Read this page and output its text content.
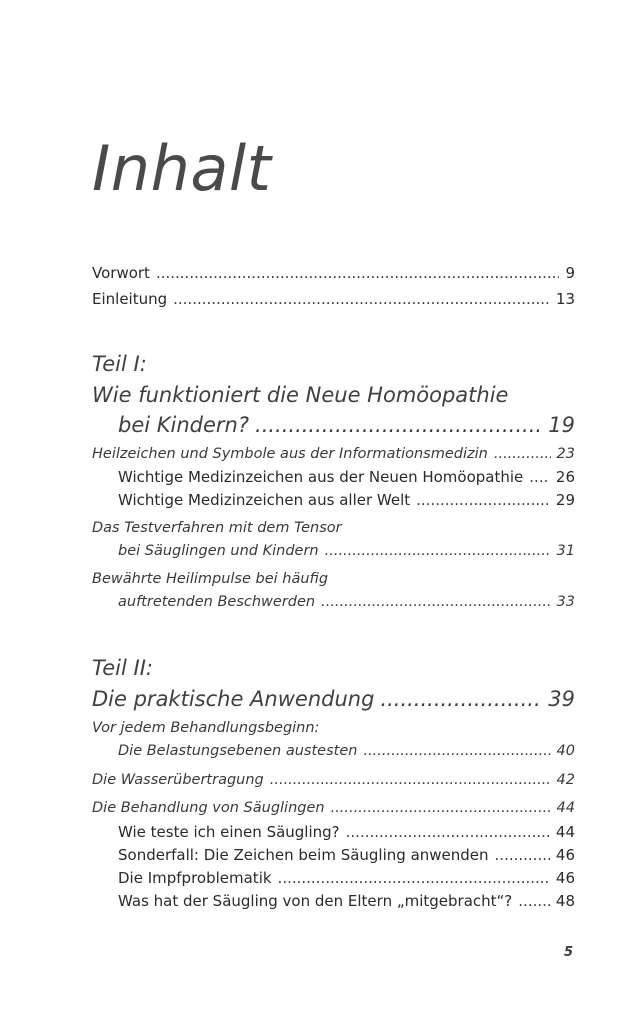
Inhalt
Vorwort .....	9
Einleitung .....	13
Teil I:
Wie funktioniert die Neue Homöopathie
bei Kindern? .....	19
Heilzeichen und Symbole aus der Informationsmedizin .....	23
Wichtige Medizinzeichen aus der Neuen Homöopathie ..... 26
Wichtige Medizinzeichen aus aller Welt .....	29
Das Testverfahren mit dem Tensor
bei Säuglingen und Kindern .....	31
Bewährte Heilimpulse bei häufig
auftretenden Beschwerden .....	33
Teil II:
Die praktische Anwendung .....	39
Vor jedem Behandlungsbeginn:
Die Belastungsebenen austesten .....	40
Die Wasserübertragung .....	42
Die Behandlung von Säuglingen .....	44
Wie teste ich einen Säugling? .....	44
Sonderfall: Die Zeichen beim Säugling anwenden .....	46
Die Impfproblematik .....	46
Was hat der Säugling von den Eltern „mitgebracht“? .....	48
5
